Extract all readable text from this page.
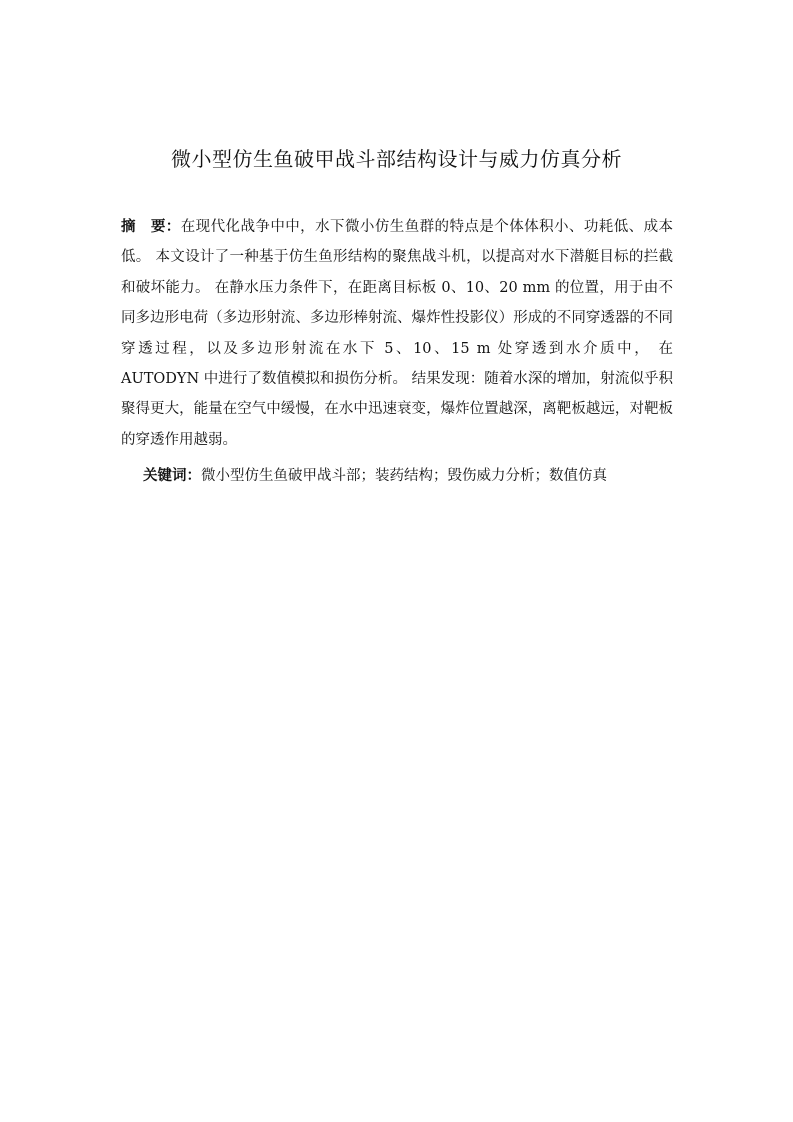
微小型仿生鱼破甲战斗部结构设计与威力仿真分析
摘　要：在现代化战争中中，水下微小仿生鱼群的特点是个体体积小、功耗低、成本低。 本文设计了一种基于仿生鱼形结构的聚焦战斗机，以提高对水下潜艇目标的拦截和破坏能力。 在静水压力条件下，在距离目标板 0、10、20 mm 的位置，用于由不同多边形电荷（多边形射流、多边形棒射流、爆炸性投影仪）形成的不同穿透器的不同穿透过程，以及多边形射流在水下 5、10、15 m 处穿透到水介质中， 在 AUTODYN 中进行了数值模拟和损伤分析。 结果发现：随着水深的增加，射流似乎积聚得更大，能量在空气中缓慢，在水中迅速衰变，爆炸位置越深，离靶板越远，对靶板的穿透作用越弱。
关键词：微小型仿生鱼破甲战斗部；装药结构；毁伤威力分析；数值仿真
